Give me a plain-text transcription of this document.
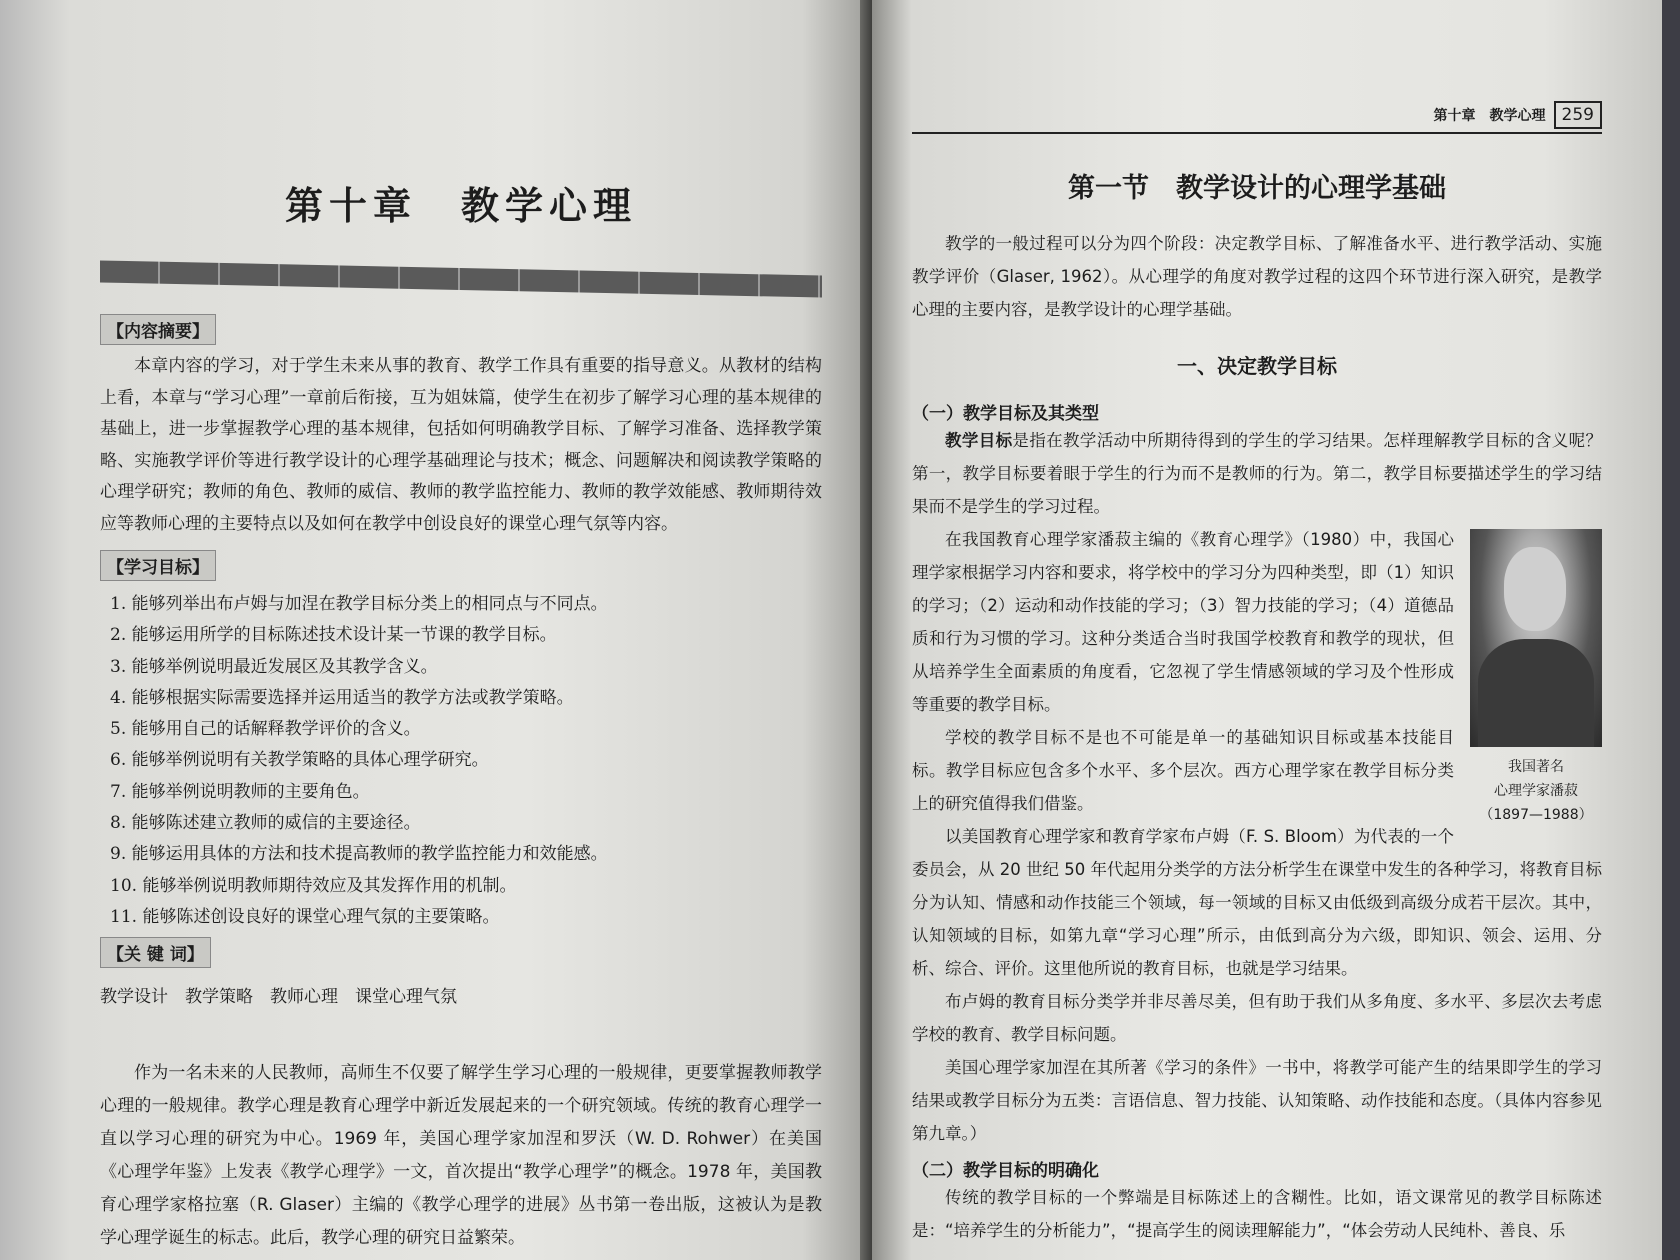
第十章　教学心理
【内容摘要】

本章内容的学习，对于学生未来从事的教育、教学工作具有重要的指导意义。从教材的结构上看，本章与“学习心理”一章前后衔接，互为姐妹篇，使学生在初步了解学习心理的基本规律的基础上，进一步掌握教学心理的基本规律，包括如何明确教学目标、了解学习准备、选择教学策略、实施教学评价等进行教学设计的心理学基础理论与技术；概念、问题解决和阅读教学策略的心理学研究；教师的角色、教师的威信、教师的教学监控能力、教师的教学效能感、教师期待效应等教师心理的主要特点以及如何在教学中创设良好的课堂心理气氛等内容。

【学习目标】
1. 能够列举出布卢姆与加涅在教学目标分类上的相同点与不同点。
2. 能够运用所学的目标陈述技术设计某一节课的教学目标。
3. 能够举例说明最近发展区及其教学含义。
4. 能够根据实际需要选择并运用适当的教学方法或教学策略。
5. 能够用自己的话解释教学评价的含义。
6. 能够举例说明有关教学策略的具体心理学研究。
7. 能够举例说明教师的主要角色。
8. 能够陈述建立教师的威信的主要途径。
9. 能够运用具体的方法和技术提高教师的教学监控能力和效能感。
10. 能够举例说明教师期待效应及其发挥作用的机制。
11. 能够陈述创设良好的课堂心理气氛的主要策略。
【关 键 词】
教学设计　教学策略　教师心理　课堂心理气氛

作为一名未来的人民教师，高师生不仅要了解学生学习心理的一般规律，更要掌握教师教学心理的一般规律。教学心理是教育心理学中新近发展起来的一个研究领域。传统的教育心理学一直以学习心理的研究为中心。1969 年，美国心理学家加涅和罗沃（W. D. Rohwer）在美国《心理学年鉴》上发表《教学心理学》一文，首次提出“教学心理学”的概念。1978 年，美国教育心理学家格拉塞（R. Glaser）主编的《教学心理学的进展》丛书第一卷出版，这被认为是教学心理学诞生的标志。此后，教学心理的研究日益繁荣。

第十章　教学心理 259
第一节　教学设计的心理学基础

教学的一般过程可以分为四个阶段：决定教学目标、了解准备水平、进行教学活动、实施教学评价（Glaser, 1962）。从心理学的角度对教学过程的这四个环节进行深入研究，是教学心理的主要内容，是教学设计的心理学基础。

一、决定教学目标
（一）教学目标及其类型

教学目标是指在教学活动中所期待得到的学生的学习结果。怎样理解教学目标的含义呢？第一，教学目标要着眼于学生的行为而不是教师的行为。第二，教学目标要描述学生的学习结果而不是学生的学习过程。

我国著名
心理学家潘菽
（1897—1988）

在我国教育心理学家潘菽主编的《教育心理学》（1980）中，我国心理学家根据学习内容和要求，将学校中的学习分为四种类型，即（1）知识的学习；（2）运动和动作技能的学习；（3）智力技能的学习；（4）道德品质和行为习惯的学习。这种分类适合当时我国学校教育和教学的现状，但从培养学生全面素质的角度看，它忽视了学生情感领域的学习及个性形成等重要的教学目标。

学校的教学目标不是也不可能是单一的基础知识目标或基本技能目标。教学目标应包含多个水平、多个层次。西方心理学家在教学目标分类上的研究值得我们借鉴。

以美国教育心理学家和教育学家布卢姆（F. S. Bloom）为代表的一个委员会，从 20 世纪 50 年代起用分类学的方法分析学生在课堂中发生的各种学习，将教育目标分为认知、情感和动作技能三个领域，每一领域的目标又由低级到高级分成若干层次。其中，认知领域的目标，如第九章“学习心理”所示，由低到高分为六级，即知识、领会、运用、分析、综合、评价。这里他所说的教育目标，也就是学习结果。

布卢姆的教育目标分类学并非尽善尽美，但有助于我们从多角度、多水平、多层次去考虑学校的教育、教学目标问题。

美国心理学家加涅在其所著《学习的条件》一书中，将教学可能产生的结果即学生的学习结果或教学目标分为五类：言语信息、智力技能、认知策略、动作技能和态度。（具体内容参见第九章。）

（二）教学目标的明确化

传统的教学目标的一个弊端是目标陈述上的含糊性。比如，语文课常见的教学目标陈述是：“培养学生的分析能力”，“提高学生的阅读理解能力”，“体会劳动人民纯朴、善良、乐
